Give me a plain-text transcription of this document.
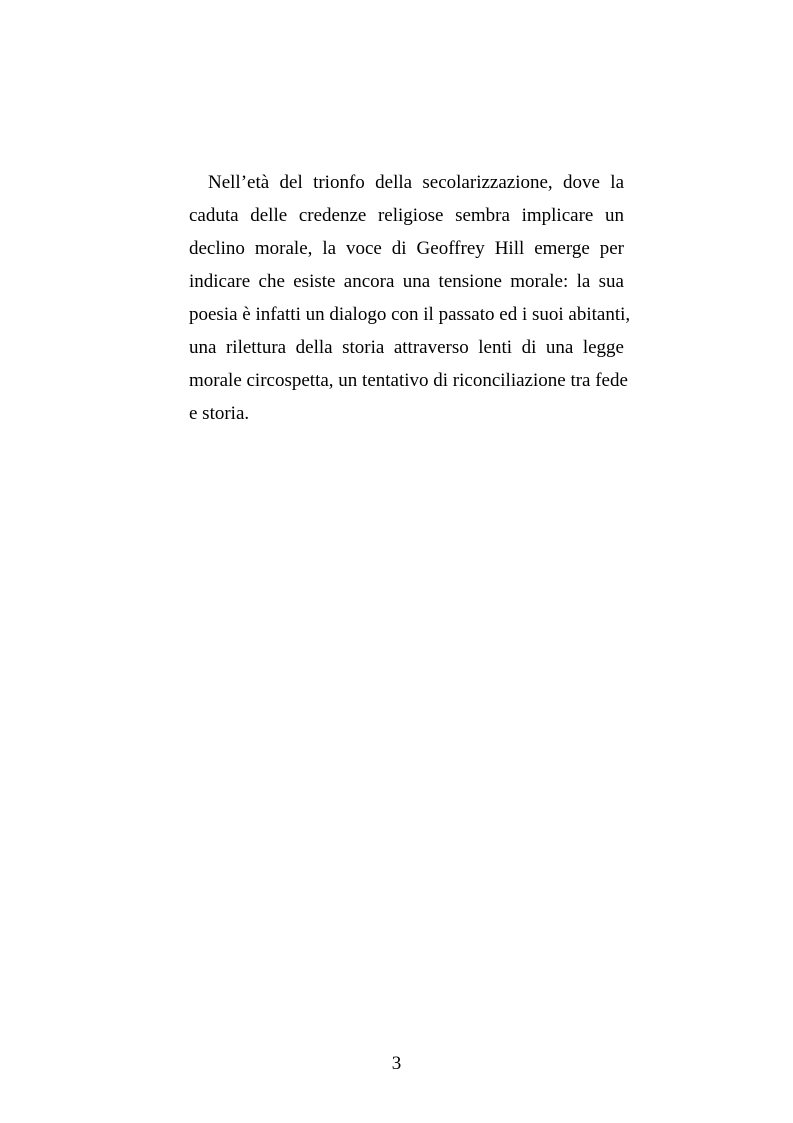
Nell’età del trionfo della secolarizzazione, dove la
caduta delle credenze religiose sembra implicare un
declino morale, la voce di Geoffrey Hill emerge per
indicare che esiste ancora una tensione morale: la sua
poesia è infatti un dialogo con il passato ed i suoi abitanti,
una rilettura della storia attraverso lenti di una legge
morale circospetta, un tentativo di riconciliazione tra fede
e storia.
3
